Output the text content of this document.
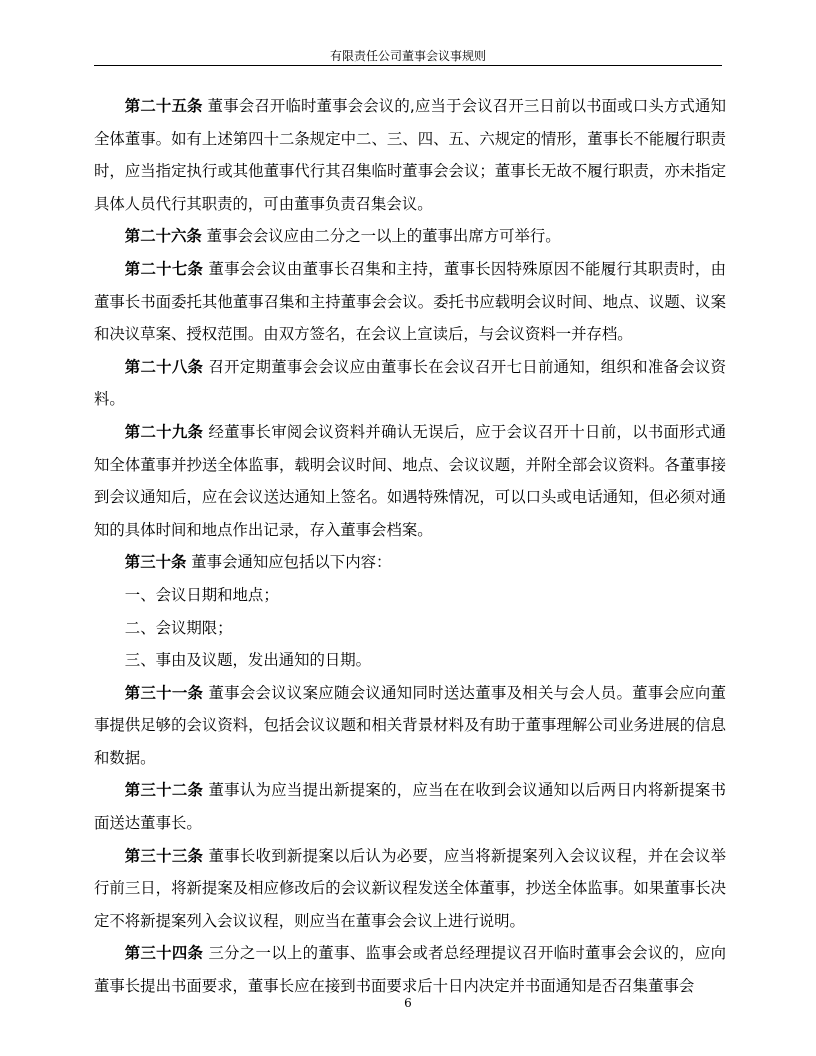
有限责任公司董事会议事规则

第二十五条 董事会召开临时董事会会议的,应当于会议召开三日前以书面或口头方式通知全体董事。如有上述第四十二条规定中二、三、四、五、六规定的情形，董事长不能履行职责时，应当指定执行或其他董事代行其召集临时董事会会议；董事长无故不履行职责，亦未指定具体人员代行其职责的，可由董事负责召集会议。

第二十六条 董事会会议应由二分之一以上的董事出席方可举行。

第二十七条 董事会会议由董事长召集和主持，董事长因特殊原因不能履行其职责时，由董事长书面委托其他董事召集和主持董事会会议。委托书应载明会议时间、地点、议题、议案和决议草案、授权范围。由双方签名，在会议上宣读后，与会议资料一并存档。

第二十八条 召开定期董事会会议应由董事长在会议召开七日前通知，组织和准备会议资料。

第二十九条 经董事长审阅会议资料并确认无误后，应于会议召开十日前，以书面形式通知全体董事并抄送全体监事，载明会议时间、地点、会议议题，并附全部会议资料。各董事接到会议通知后，应在会议送达通知上签名。如遇特殊情况，可以口头或电话通知，但必须对通知的具体时间和地点作出记录，存入董事会档案。

第三十条 董事会通知应包括以下内容：

一、会议日期和地点；

二、会议期限；

三、事由及议题，发出通知的日期。

第三十一条 董事会会议议案应随会议通知同时送达董事及相关与会人员。董事会应向董事提供足够的会议资料，包括会议议题和相关背景材料及有助于董事理解公司业务进展的信息和数据。

第三十二条 董事认为应当提出新提案的，应当在在收到会议通知以后两日内将新提案书面送达董事长。

第三十三条 董事长收到新提案以后认为必要，应当将新提案列入会议议程，并在会议举行前三日，将新提案及相应修改后的会议新议程发送全体董事，抄送全体监事。如果董事长决定不将新提案列入会议议程，则应当在董事会会议上进行说明。

第三十四条 三分之一以上的董事、监事会或者总经理提议召开临时董事会会议的，应向董事长提出书面要求，董事长应在接到书面要求后十日内决定并书面通知是否召集董事会

6
